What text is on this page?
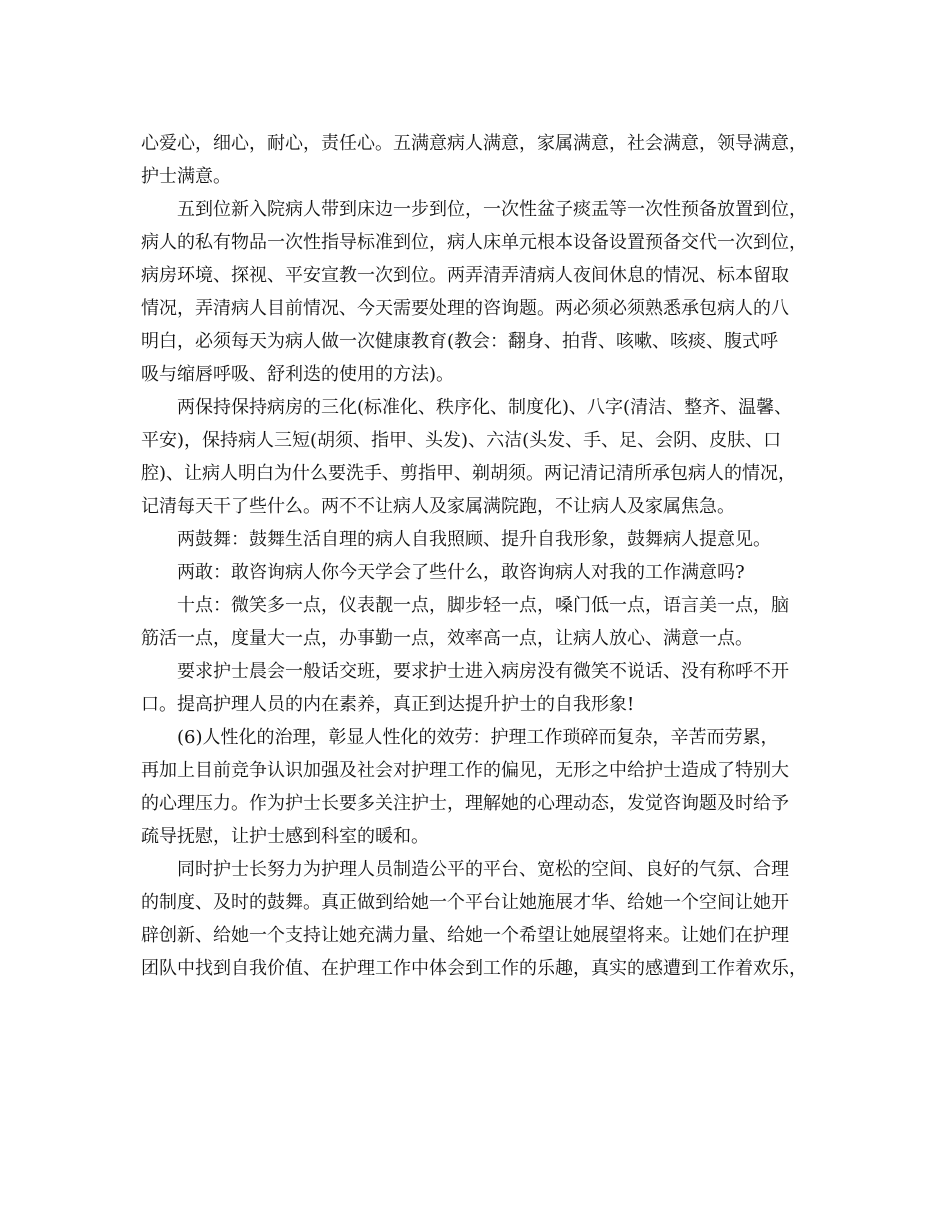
心爱心，细心，耐心，责任心。五满意病人满意，家属满意，社会满意，领导满意，
护士满意。
五到位新入院病人带到床边一步到位，一次性盆子痰盂等一次性预备放置到位，
病人的私有物品一次性指导标准到位，病人床单元根本设备设置预备交代一次到位，
病房环境、探视、平安宣教一次到位。两弄清弄清病人夜间休息的情况、标本留取
情况，弄清病人目前情况、今天需要处理的咨询题。两必须必须熟悉承包病人的八
明白，必须每天为病人做一次健康教育(教会：翻身、拍背、咳嗽、咳痰、腹式呼
吸与缩唇呼吸、舒利迭的使用的方法)。
两保持保持病房的三化(标准化、秩序化、制度化)、八字(清洁、整齐、温馨、
平安)，保持病人三短(胡须、指甲、头发)、六洁(头发、手、足、会阴、皮肤、口
腔)、让病人明白为什么要洗手、剪指甲、剃胡须。两记清记清所承包病人的情况，
记清每天干了些什么。两不不让病人及家属满院跑，不让病人及家属焦急。
两鼓舞：鼓舞生活自理的病人自我照顾、提升自我形象，鼓舞病人提意见。
两敢：敢咨询病人你今天学会了些什么，敢咨询病人对我的工作满意吗?
十点：微笑多一点，仪表靓一点，脚步轻一点，嗓门低一点，语言美一点，脑
筋活一点，度量大一点，办事勤一点，效率高一点，让病人放心、满意一点。
要求护士晨会一般话交班，要求护士进入病房没有微笑不说话、没有称呼不开
口。提高护理人员的内在素养，真正到达提升护士的自我形象!
(6)人性化的治理，彰显人性化的效劳：护理工作琐碎而复杂，辛苦而劳累，
再加上目前竞争认识加强及社会对护理工作的偏见，无形之中给护士造成了特别大
的心理压力。作为护士长要多关注护士，理解她的心理动态，发觉咨询题及时给予
疏导抚慰，让护士感到科室的暖和。
同时护士长努力为护理人员制造公平的平台、宽松的空间、良好的气氛、合理
的制度、及时的鼓舞。真正做到给她一个平台让她施展才华、给她一个空间让她开
辟创新、给她一个支持让她充满力量、给她一个希望让她展望将来。让她们在护理
团队中找到自我价值、在护理工作中体会到工作的乐趣，真实的感遭到工作着欢乐，
